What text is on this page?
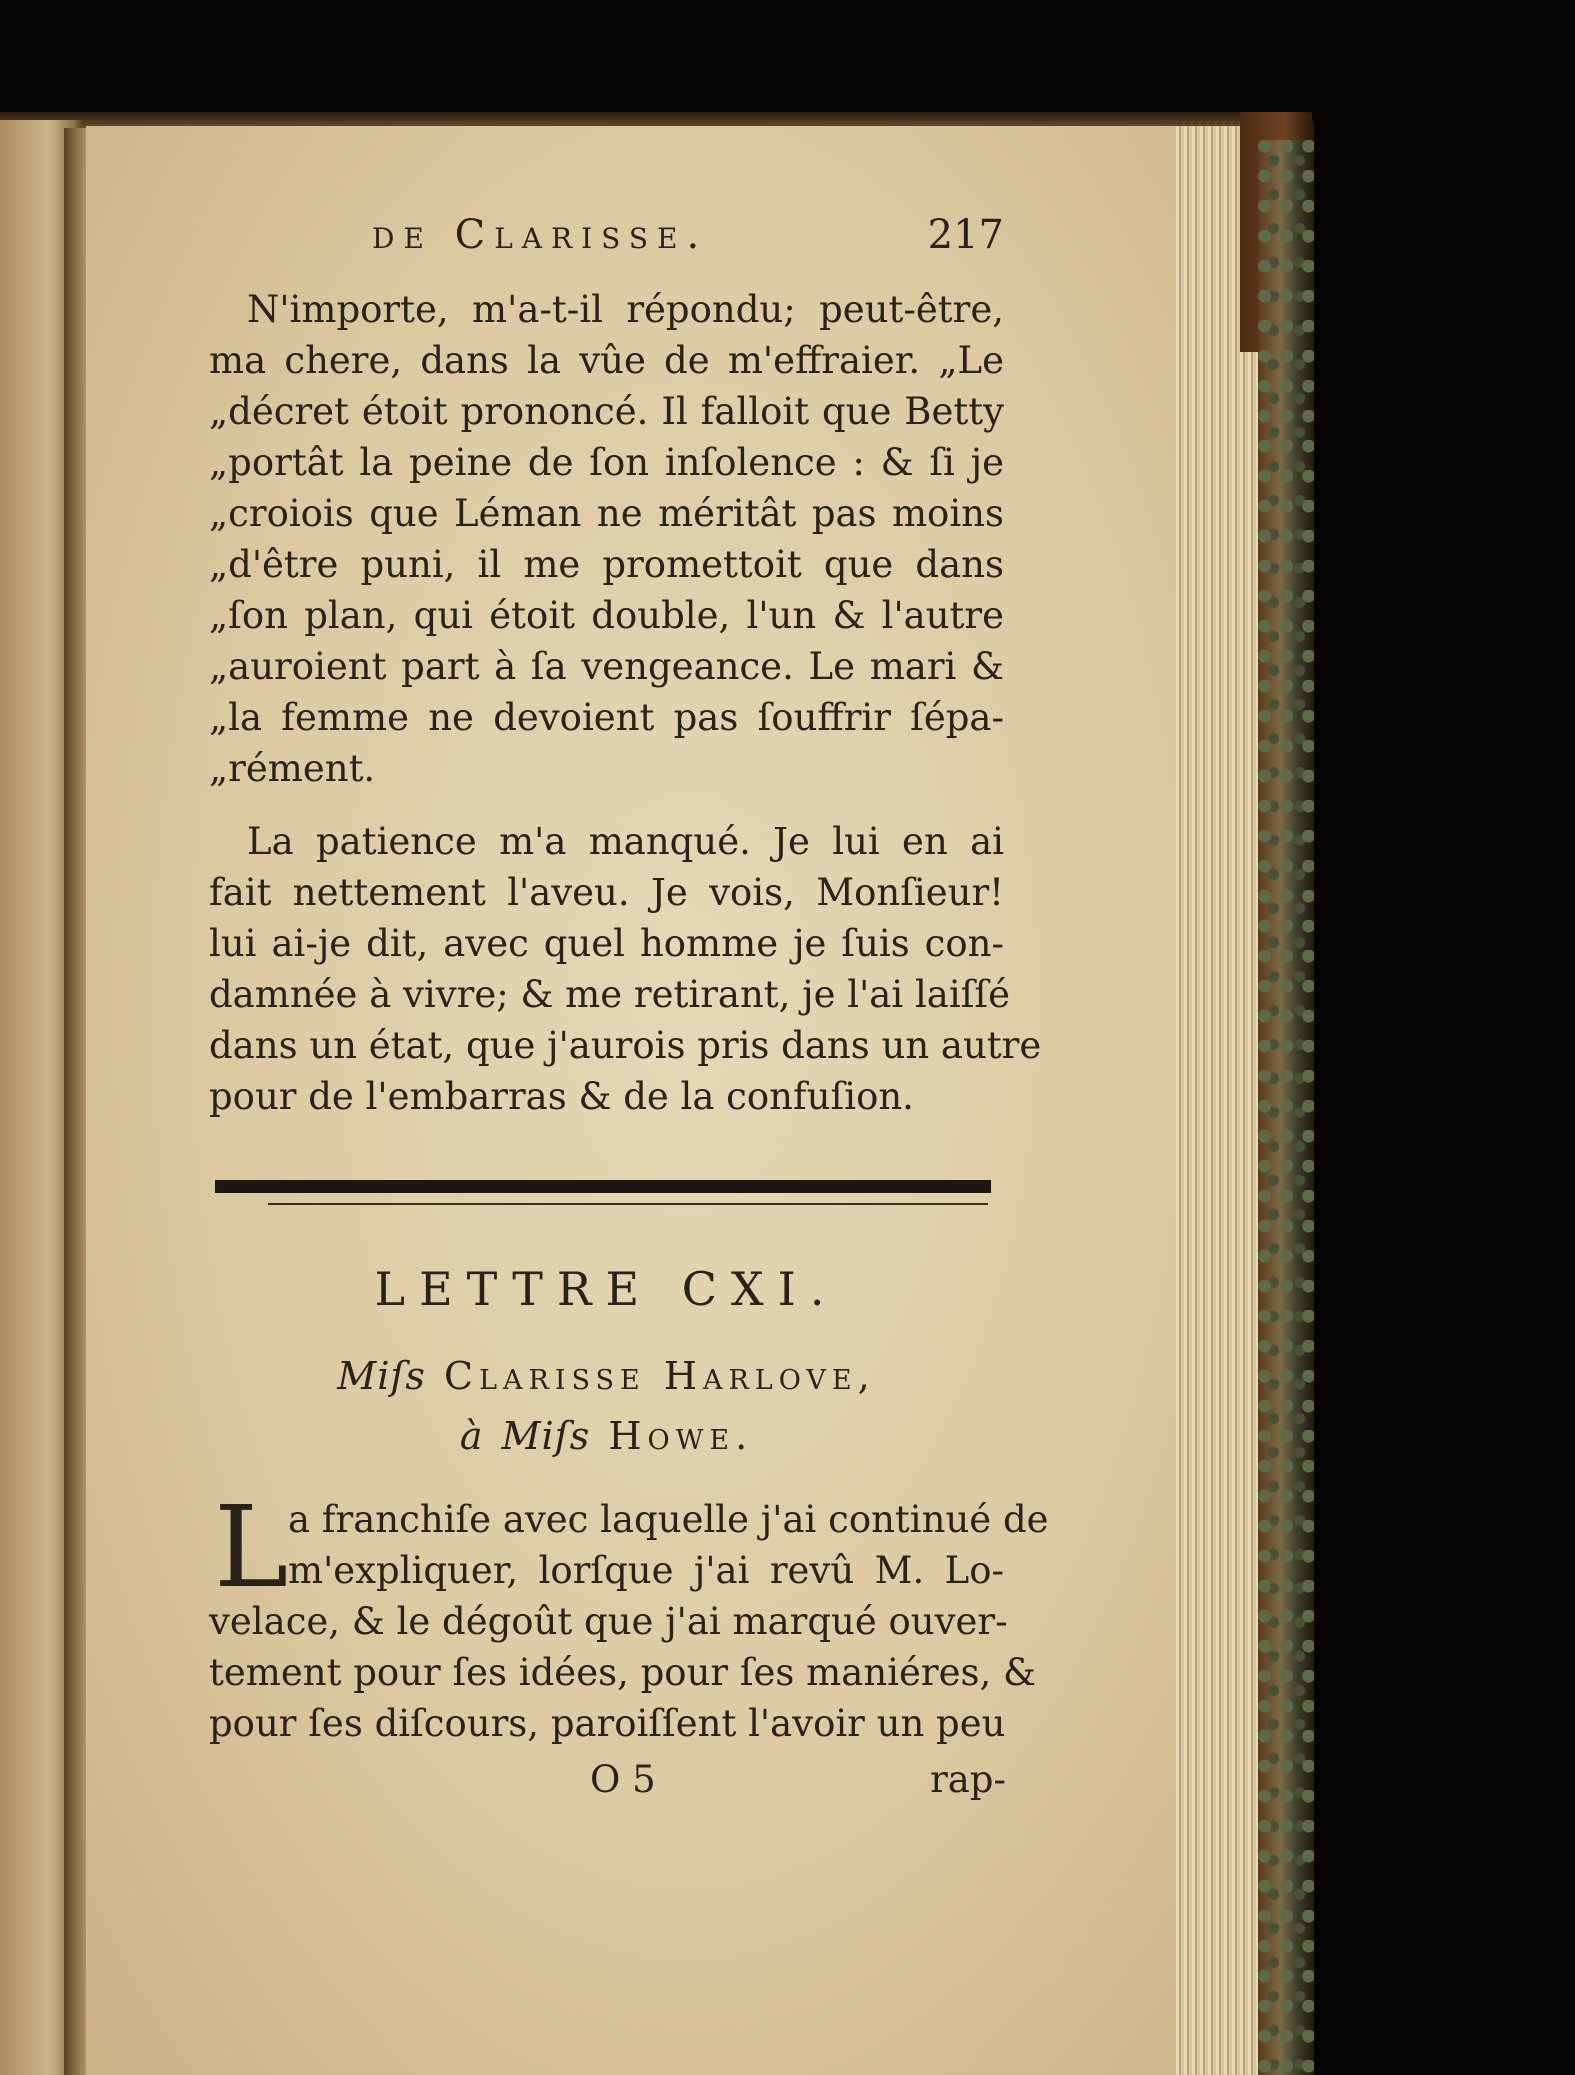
de Clarisse.	217
N'importe, m'a-t-il répondu; peut-être,
ma chere, dans la vûe de m'effraier. „Le
„décret étoit prononcé. Il falloit que Betty
„portât la peine de ſon inſolence : & ſi je
„croiois que Léman ne méritât pas moins
„d'être puni, il me promettoit que dans
„ſon plan, qui étoit double, l'un & l'autre
„auroient part à ſa vengeance. Le mari &
„la femme ne devoient pas ſouffrir ſépa-
„rément.
La patience m'a manqué. Je lui en ai
fait nettement l'aveu. Je vois, Monſieur!
lui ai-je dit, avec quel homme je ſuis con-
damnée à vivre; & me retirant, je l'ai laiſſé
dans un état, que j'aurois pris dans un autre
pour de l'embarras & de la confuſion.
LETTRE CXI.
Miſs Clarisse Harlove,
à Miſs Howe.
L a franchiſe avec laquelle j'ai continué de
m'expliquer, lorſque j'ai revû M. Lo-
velace, & le dégoût que j'ai marqué ouver-
tement pour ſes idées, pour ſes maniéres, &
pour ſes diſcours, paroiſſent l'avoir un peu
O 5	rap-
